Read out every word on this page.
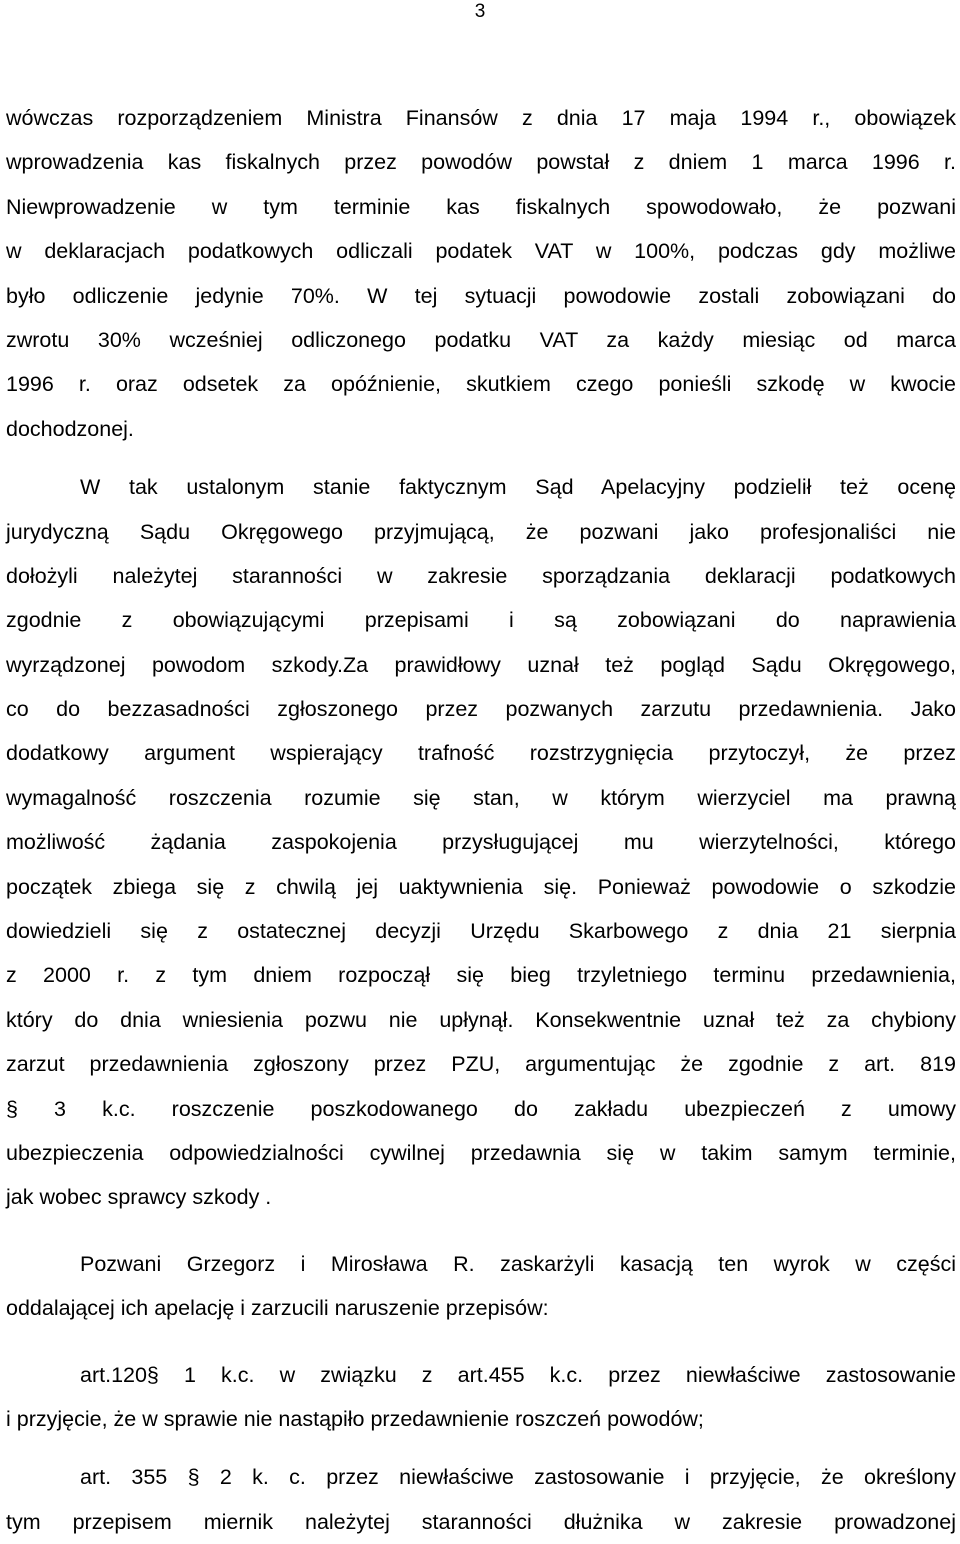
3
wówczas rozporządzeniem Ministra Finansów z dnia 17 maja 1994 r., obowiązek
wprowadzenia kas fiskalnych przez powodów powstał z dniem 1 marca 1996 r.
Niewprowadzenie w tym terminie kas fiskalnych spowodowało, że pozwani
w deklaracjach podatkowych odliczali podatek VAT w 100%, podczas gdy możliwe
było odliczenie jedynie 70%. W tej sytuacji powodowie zostali zobowiązani do
zwrotu 30% wcześniej odliczonego podatku VAT za każdy miesiąc od marca
1996 r. oraz odsetek za opóźnienie, skutkiem czego ponieśli szkodę w kwocie
dochodzonej.
W tak ustalonym stanie faktycznym Sąd Apelacyjny podzielił też ocenę
jurydyczną Sądu Okręgowego przyjmującą, że pozwani jako profesjonaliści nie
dołożyli należytej staranności w zakresie sporządzania deklaracji podatkowych
zgodnie z obowiązującymi przepisami i są zobowiązani do naprawienia
wyrządzonej powodom szkody.Za prawidłowy uznał też pogląd Sądu Okręgowego,
co do bezzasadności zgłoszonego przez pozwanych zarzutu przedawnienia. Jako
dodatkowy argument wspierający trafność rozstrzygnięcia przytoczył, że przez
wymagalność roszczenia rozumie się stan, w którym wierzyciel ma prawną
możliwość żądania zaspokojenia przysługującej mu wierzytelności, którego
początek zbiega się z chwilą jej uaktywnienia się. Ponieważ powodowie o szkodzie
dowiedzieli się z ostatecznej decyzji Urzędu Skarbowego z dnia 21 sierpnia
z 2000 r. z tym dniem rozpoczął się bieg trzyletniego terminu przedawnienia,
który do dnia wniesienia pozwu nie upłynął. Konsekwentnie uznał też za chybiony
zarzut przedawnienia zgłoszony przez PZU, argumentując że zgodnie z art. 819
§ 3 k.c. roszczenie poszkodowanego do zakładu ubezpieczeń z umowy
ubezpieczenia odpowiedzialności cywilnej przedawnia się w takim samym terminie,
jak wobec sprawcy szkody .
Pozwani Grzegorz i Mirosława R. zaskarżyli kasacją ten wyrok w części
oddalającej ich apelację i zarzucili naruszenie przepisów:
art.120§ 1 k.c. w związku z art.455 k.c. przez niewłaściwe zastosowanie
i przyjęcie, że w sprawie nie nastąpiło przedawnienie roszczeń powodów;
art. 355 § 2 k. c. przez niewłaściwe zastosowanie i przyjęcie, że określony
tym przepisem miernik należytej staranności dłużnika w zakresie prowadzonej
